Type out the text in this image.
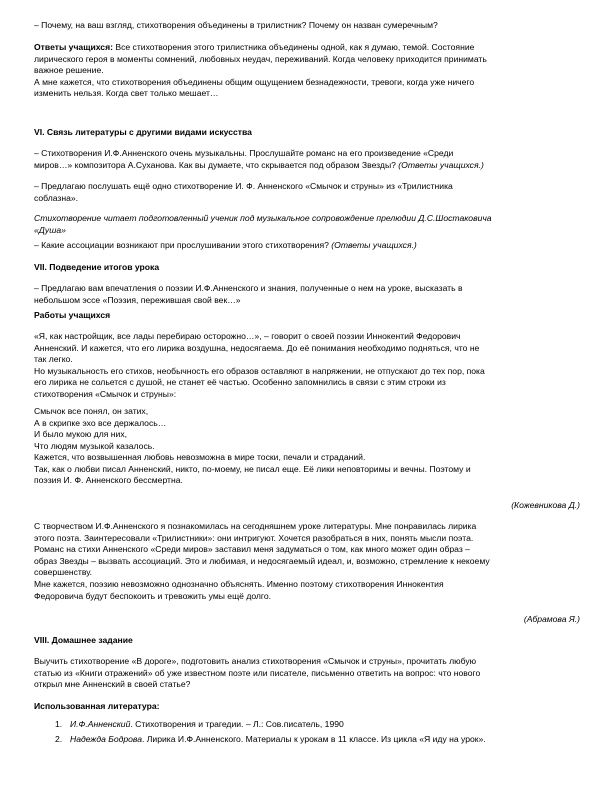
– Почему, на ваш взгляд, стихотворения объединены в трилистник? Почему он назван сумеречным?

Ответы учащихся: Все стихотворения этого трилистника объединены одной, как я думаю, темой. Состояние
лирического героя в моменты сомнений, любовных неудач, переживаний. Когда человеку приходится принимать
важное решение.
А мне кажется, что стихотворения объединены общим ощущением безнадежности, тревоги, когда уже ничего
изменить нельзя. Когда свет только мешает…

VI. Связь литературы с другими видами искусства

– Стихотворения И.Ф.Анненского очень музыкальны. Прослушайте романс на его произведение «Среди
миров…» композитора А.Суханова. Как вы думаете, что скрывается под образом Звезды? (Ответы учащихся.)

– Предлагаю послушать ещё одно стихотворение И. Ф. Анненского «Смычок и струны» из «Трилистника
соблазна».

Стихотворение читает подготовленный ученик под музыкальное сопровождение прелюдии Д.С.Шостаковича
«Душа»

– Какие ассоциации возникают при прослушивании этого стихотворения? (Ответы учащихся.)

VII. Подведение итогов урока

– Предлагаю вам впечатления о поэзии И.Ф.Анненского и знания, полученные о нем на уроке, высказать в
небольшом эссе «Поэзия, пережившая свой век…»

Работы учащихся

«Я, как настройщик, все лады перебираю осторожно…», – говорит о своей поэзии Иннокентий Федорович
Анненский. И кажется, что его лирика воздушна, недосягаема. До её понимания необходимо подняться, что не
так легко.
Но музыкальность его стихов, необычность его образов оставляют в напряжении, не отпускают до тех пор, пока
его лирика не сольется с душой, не станет её частью. Особенно запомнились в связи с этим строки из
стихотворения «Смычок и струны»:

Смычок все понял, он затих,
А в скрипке эхо все держалось…
И было мукою для них,
Что людям музыкой казалось.

Кажется, что возвышенная любовь невозможна в мире тоски, печали и страданий.
Так, как о любви писал Анненский, никто, по-моему, не писал еще. Её лики неповторимы и вечны. Поэтому и
поэзия И. Ф. Анненского бессмертна.

(Кожевникова Д.)

С творчеством И.Ф.Анненского я познакомилась на сегодняшнем уроке литературы. Мне понравилась лирика
этого поэта. Заинтересовали «Трилистники»: они интригуют. Хочется разобраться в них, понять мысли поэта.
Романс на стихи Анненского «Среди миров» заставил меня задуматься о том, как много может один образ –
образ Звезды – вызвать ассоциаций. Это и любимая, и недосягаемый идеал, и, возможно, стремление к некоему
совершенству.
Мне кажется, поэзию невозможно однозначно объяснять. Именно поэтому стихотворения Иннокентия
Федоровича будут беспокоить и тревожить умы ещё долго.

(Абрамова Я.)

VIII. Домашнее задание

Выучить стихотворение «В дороге», подготовить анализ стихотворения «Смычок и струны», прочитать любую
статью из «Книги отражений» об уже известном поэте или писателе, письменно ответить на вопрос: что нового
открыл мне Анненский в своей статье?

Использованная литература:

1. И.Ф.Анненский. Стихотворения и трагедии. – Л.: Сов.писатель, 1990
2. Надежда Бодрова. Лирика И.Ф.Анненского. Материалы к урокам в 11 классе. Из цикла «Я иду на урок».
